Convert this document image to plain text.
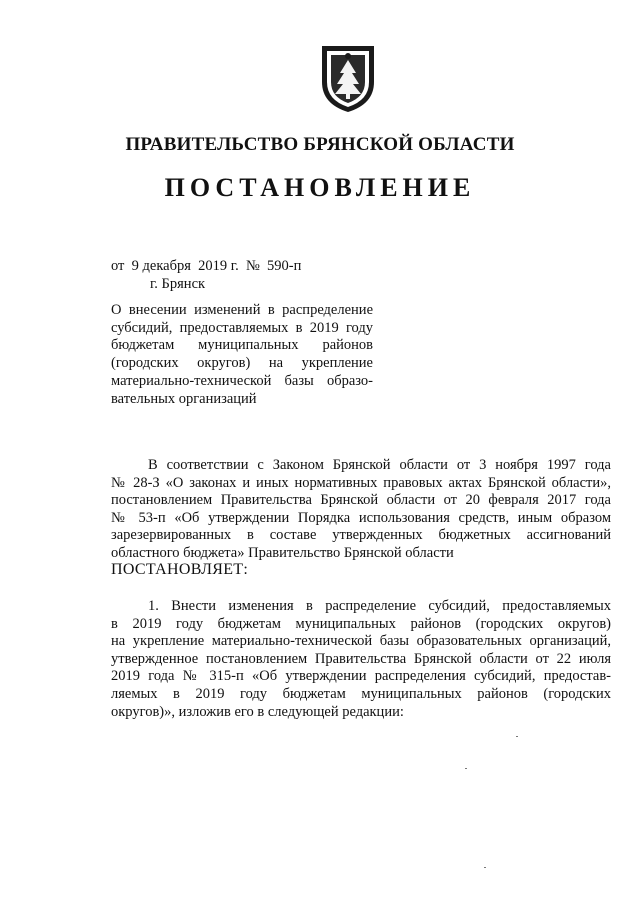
ПРАВИТЕЛЬСТВО БРЯНСКОЙ ОБЛАСТИ
ПОСТАНОВЛЕНИЕ
от  9 декабря  2019 г.  №  590-п
г. Брянск
О внесении изменений в распределение
субсидий, предоставляемых в 2019 году
бюджетам муниципальных районов
(городских округов) на укрепление
материально-технической базы образо-
вательных организаций
В соответствии с Законом Брянской области от 3 ноября 1997 года
№ 28-З «О законах и иных нормативных правовых актах Брянской области»,
постановлением Правительства Брянской области от 20 февраля 2017 года
№ 53-п «Об утверждении Порядка использования средств, иным образом
зарезервированных в составе утвержденных бюджетных ассигнований
областного бюджета» Правительство Брянской области
ПОСТАНОВЛЯЕТ:
1. Внести изменения в распределение субсидий, предоставляемых
в 2019 году бюджетам муниципальных районов (городских округов)
на укрепление материально-технической базы образовательных организаций,
утвержденное постановлением Правительства Брянской области от 22 июля
2019 года № 315-п «Об утверждении распределения субсидий, предостав-
ляемых в 2019 году бюджетам муниципальных районов (городских
округов)», изложив его в следующей редакции:
